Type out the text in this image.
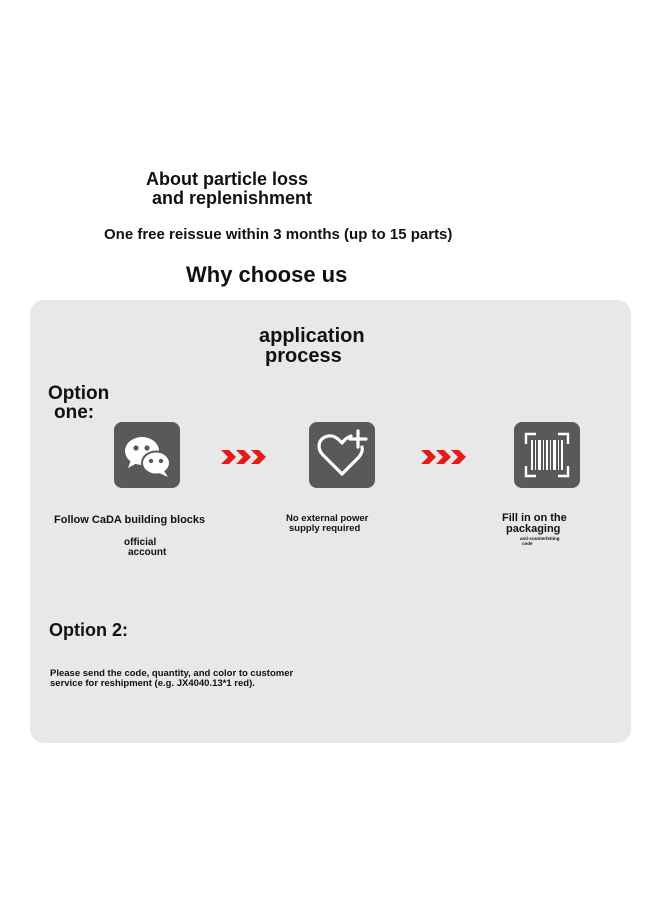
About particle loss
and replenishment
One free reissue within 3 months (up to 15 parts)
Why choose us
application
process
Option
one:
Follow CaDA building blocks
official
account
No external power
supply required
Fill in on the
packaging
anti-counterfeiting
code
Option 2:
Please send the code, quantity, and color to customer
service for reshipment (e.g. JX4040.13*1 red).
